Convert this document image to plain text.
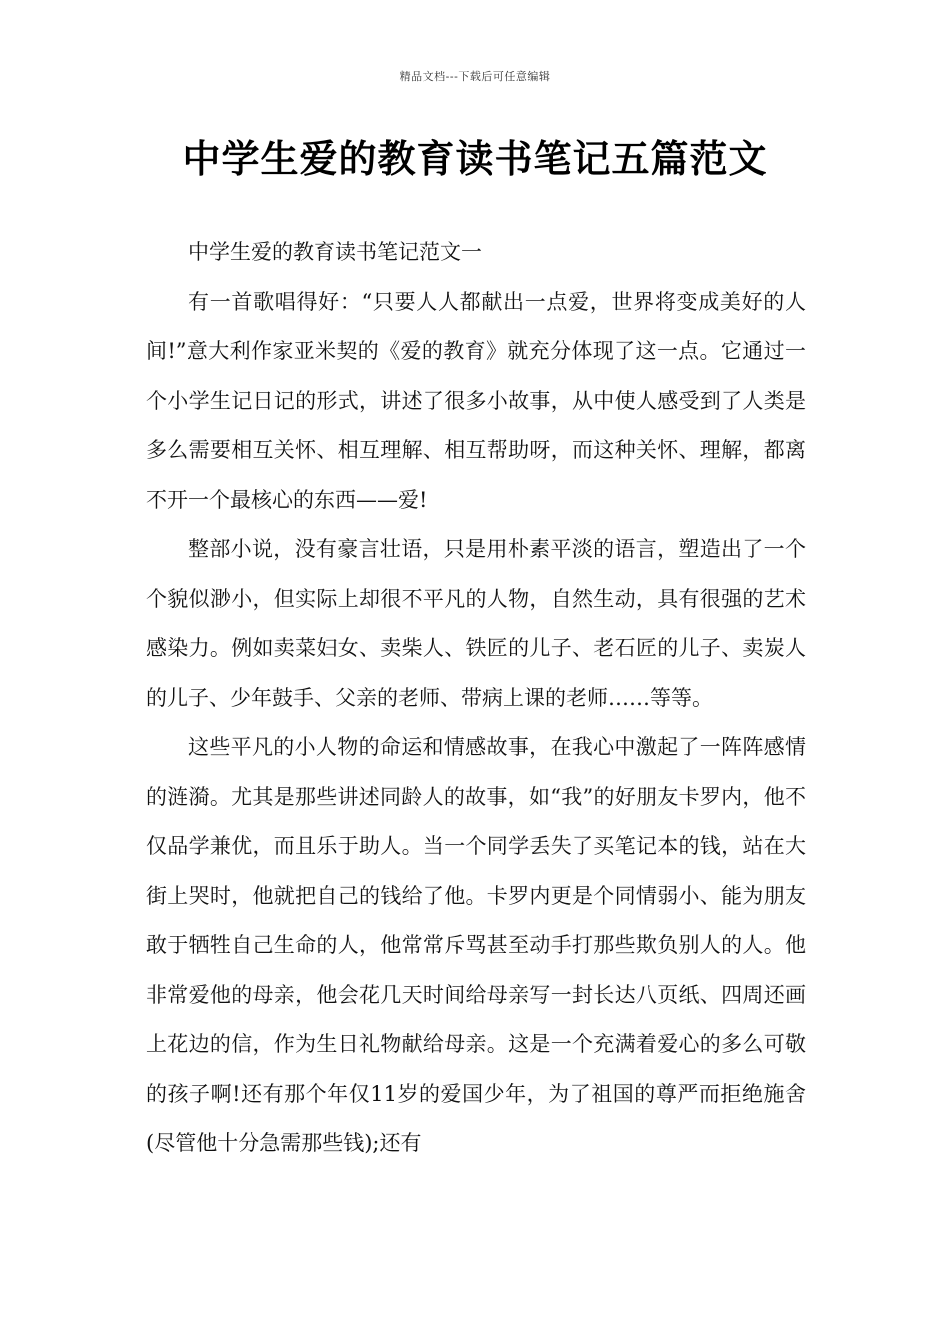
精品文档---下载后可任意编辑
中学生爱的教育读书笔记五篇范文

中学生爱的教育读书笔记范文一

有一首歌唱得好：“只要人人都献出一点爱，世界将变成美好的人间!”意大利作家亚米契的《爱的教育》就充分体现了这一点。它通过一个小学生记日记的形式，讲述了很多小故事，从中使人感受到了人类是多么需要相互关怀、相互理解、相互帮助呀，而这种关怀、理解，都离不开一个最核心的东西——爱!

整部小说，没有豪言壮语，只是用朴素平淡的语言，塑造出了一个个貌似渺小，但实际上却很不平凡的人物，自然生动，具有很强的艺术感染力。例如卖菜妇女、卖柴人、铁匠的儿子、老石匠的儿子、卖炭人的儿子、少年鼓手、父亲的老师、带病上课的老师……等等。

这些平凡的小人物的命运和情感故事，在我心中激起了一阵阵感情的涟漪。尤其是那些讲述同龄人的故事，如“我”的好朋友卡罗内，他不仅品学兼优，而且乐于助人。当一个同学丢失了买笔记本的钱，站在大街上哭时，他就把自己的钱给了他。卡罗内更是个同情弱小、能为朋友敢于牺牲自己生命的人，他常常斥骂甚至动手打那些欺负别人的人。他非常爱他的母亲，他会花几天时间给母亲写一封长达八页纸、四周还画上花边的信，作为生日礼物献给母亲。这是一个充满着爱心的多么可敬的孩子啊!还有那个年仅11岁的爱国少年，为了祖国的尊严而拒绝施舍(尽管他十分急需那些钱);还有
